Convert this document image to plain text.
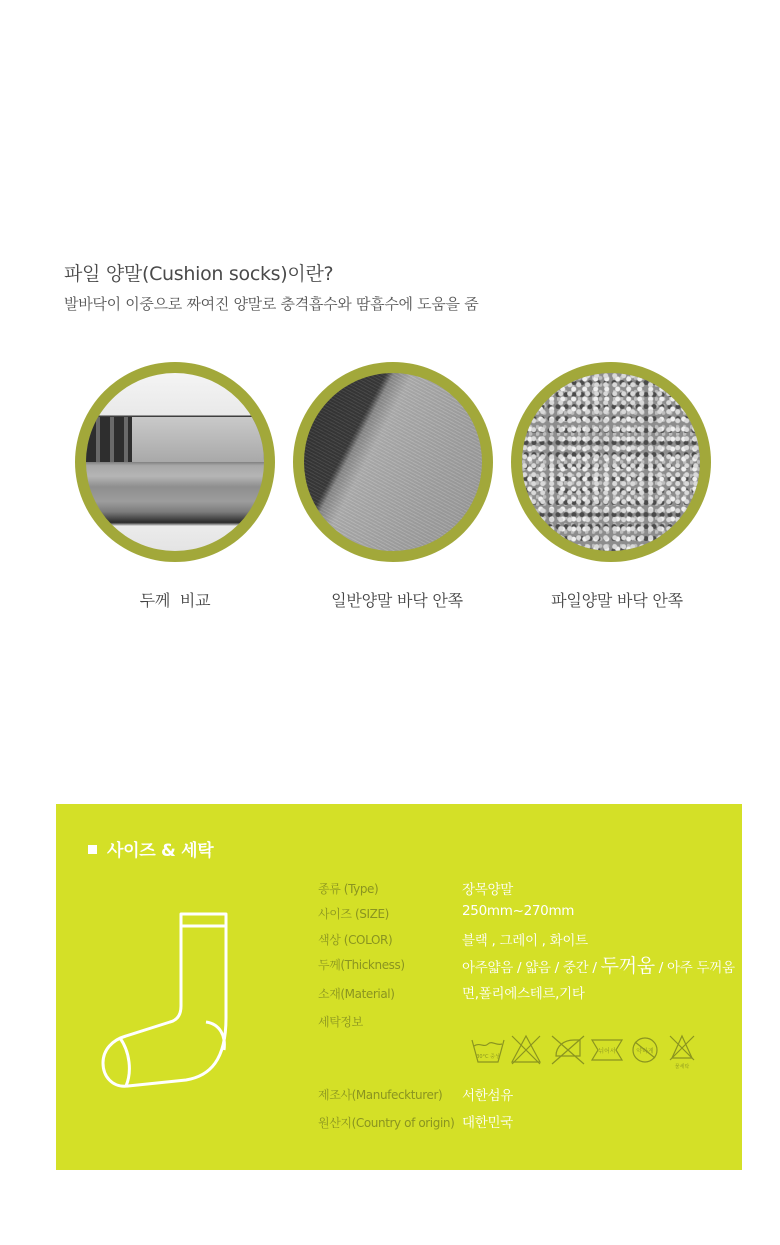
파일 양말(Cushion socks)이란?
발바닥이 이중으로 짜여진 양말로 충격흡수와 땀흡수에 도움을 줌
두께  비교	일반양말 바닥 안쪽	파일양말 바닥 안쪽
사이즈 & 세탁
종류 (Type)	장목양말
사이즈 (SIZE)	250mm~270mm
색상 (COLOR)	블랙 , 그레이 , 화이트
두께(Thickness)	아주얇음 / 얇음 / 중간 / 두꺼움 / 아주 두꺼움
소재(Material)	면,폴리에스테르,기타
세탁정보
30°C 중성
뉘어서	약하게
물세탁
제조사(Manufeckturer) 서한섬유
원산지(Country of origin) 대한민국
